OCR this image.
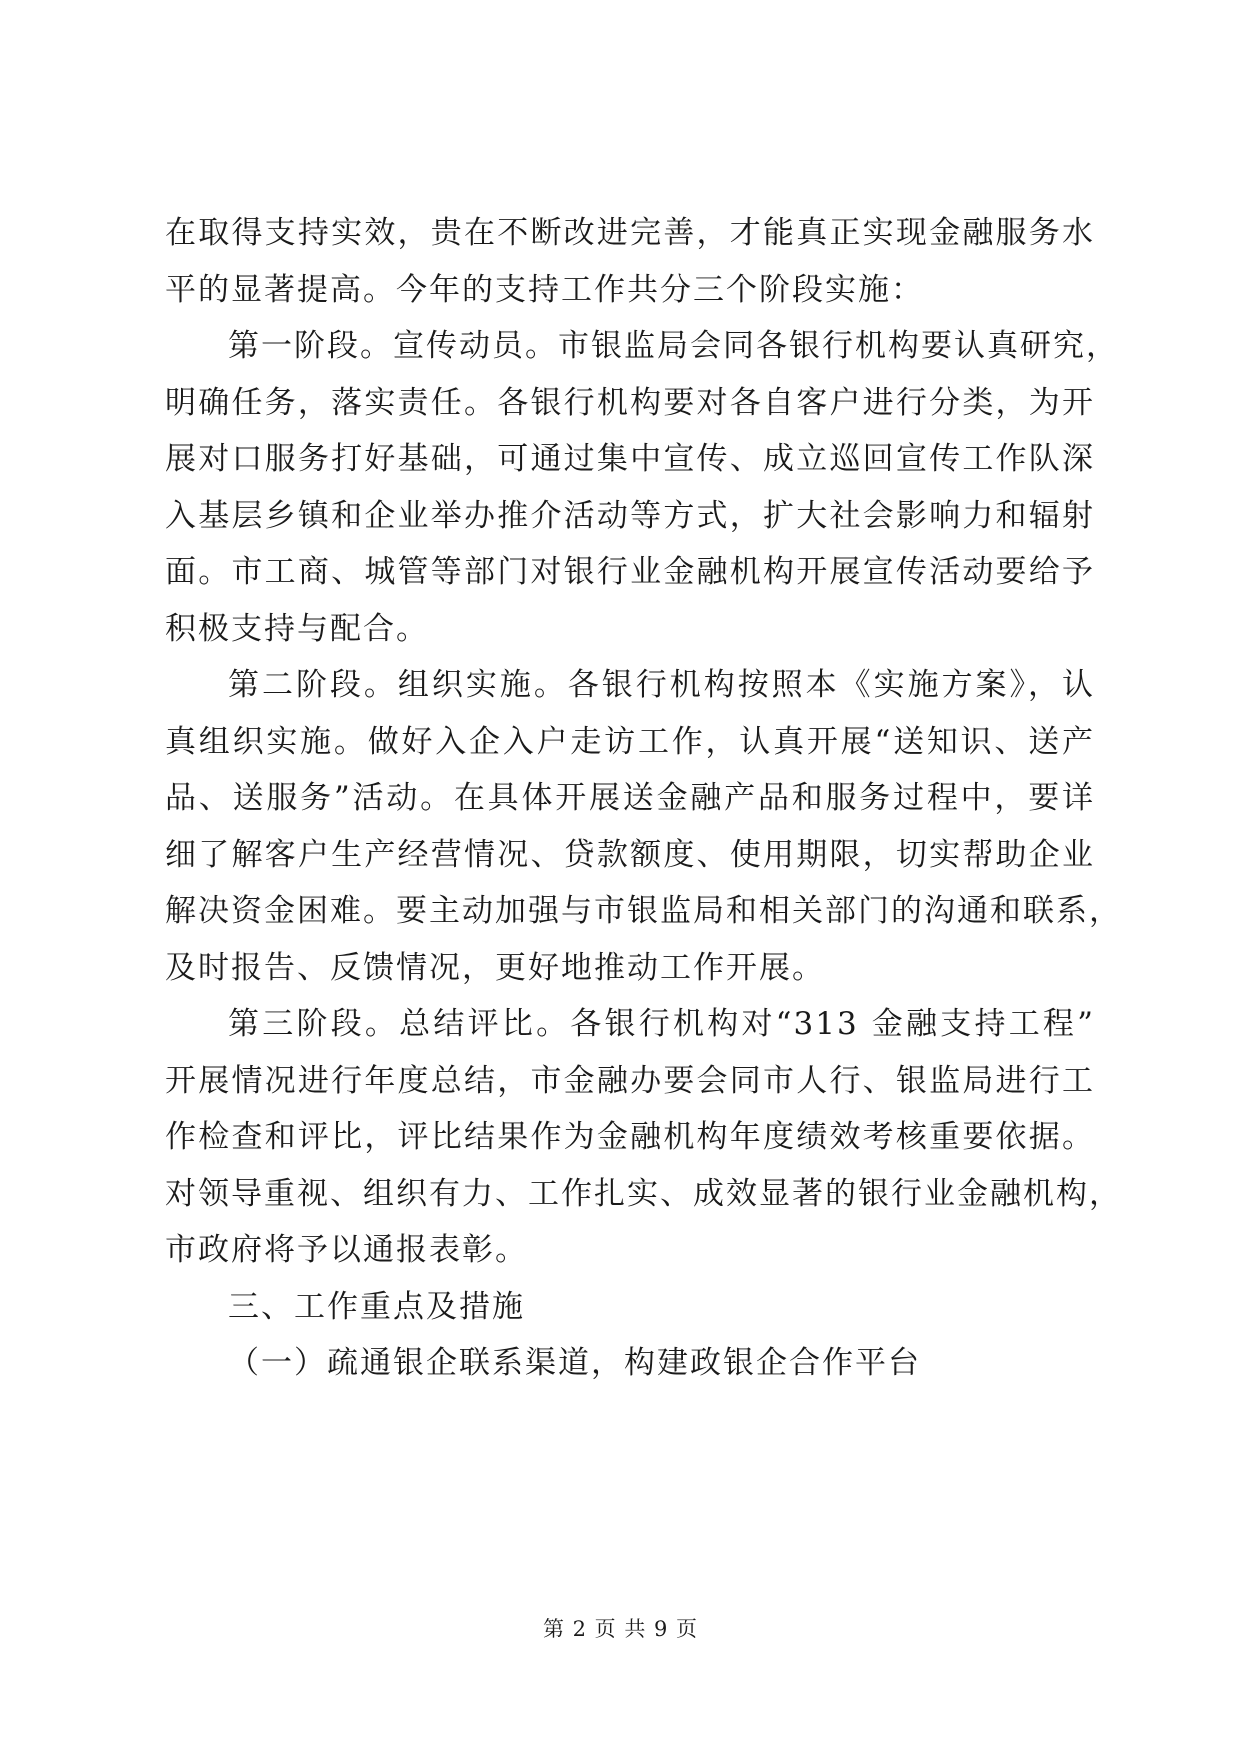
在取得支持实效，贵在不断改进完善，才能真正实现金融服务水
平的显著提高。今年的支持工作共分三个阶段实施：
第一阶段。宣传动员。市银监局会同各银行机构要认真研究，
明确任务，落实责任。各银行机构要对各自客户进行分类，为开
展对口服务打好基础，可通过集中宣传、成立巡回宣传工作队深
入基层乡镇和企业举办推介活动等方式，扩大社会影响力和辐射
面。市工商、城管等部门对银行业金融机构开展宣传活动要给予
积极支持与配合。
第二阶段。组织实施。各银行机构按照本《实施方案》，认
真组织实施。做好入企入户走访工作，认真开展“送知识、送产
品、送服务”活动。在具体开展送金融产品和服务过程中，要详
细了解客户生产经营情况、贷款额度、使用期限，切实帮助企业
解决资金困难。要主动加强与市银监局和相关部门的沟通和联系，
及时报告、反馈情况，更好地推动工作开展。
第三阶段。总结评比。各银行机构对“313 金融支持工程”
开展情况进行年度总结，市金融办要会同市人行、银监局进行工
作检查和评比，评比结果作为金融机构年度绩效考核重要依据。
对领导重视、组织有力、工作扎实、成效显著的银行业金融机构，
市政府将予以通报表彰。
三、工作重点及措施
（一）疏通银企联系渠道，构建政银企合作平台
第 2 页 共 9 页
